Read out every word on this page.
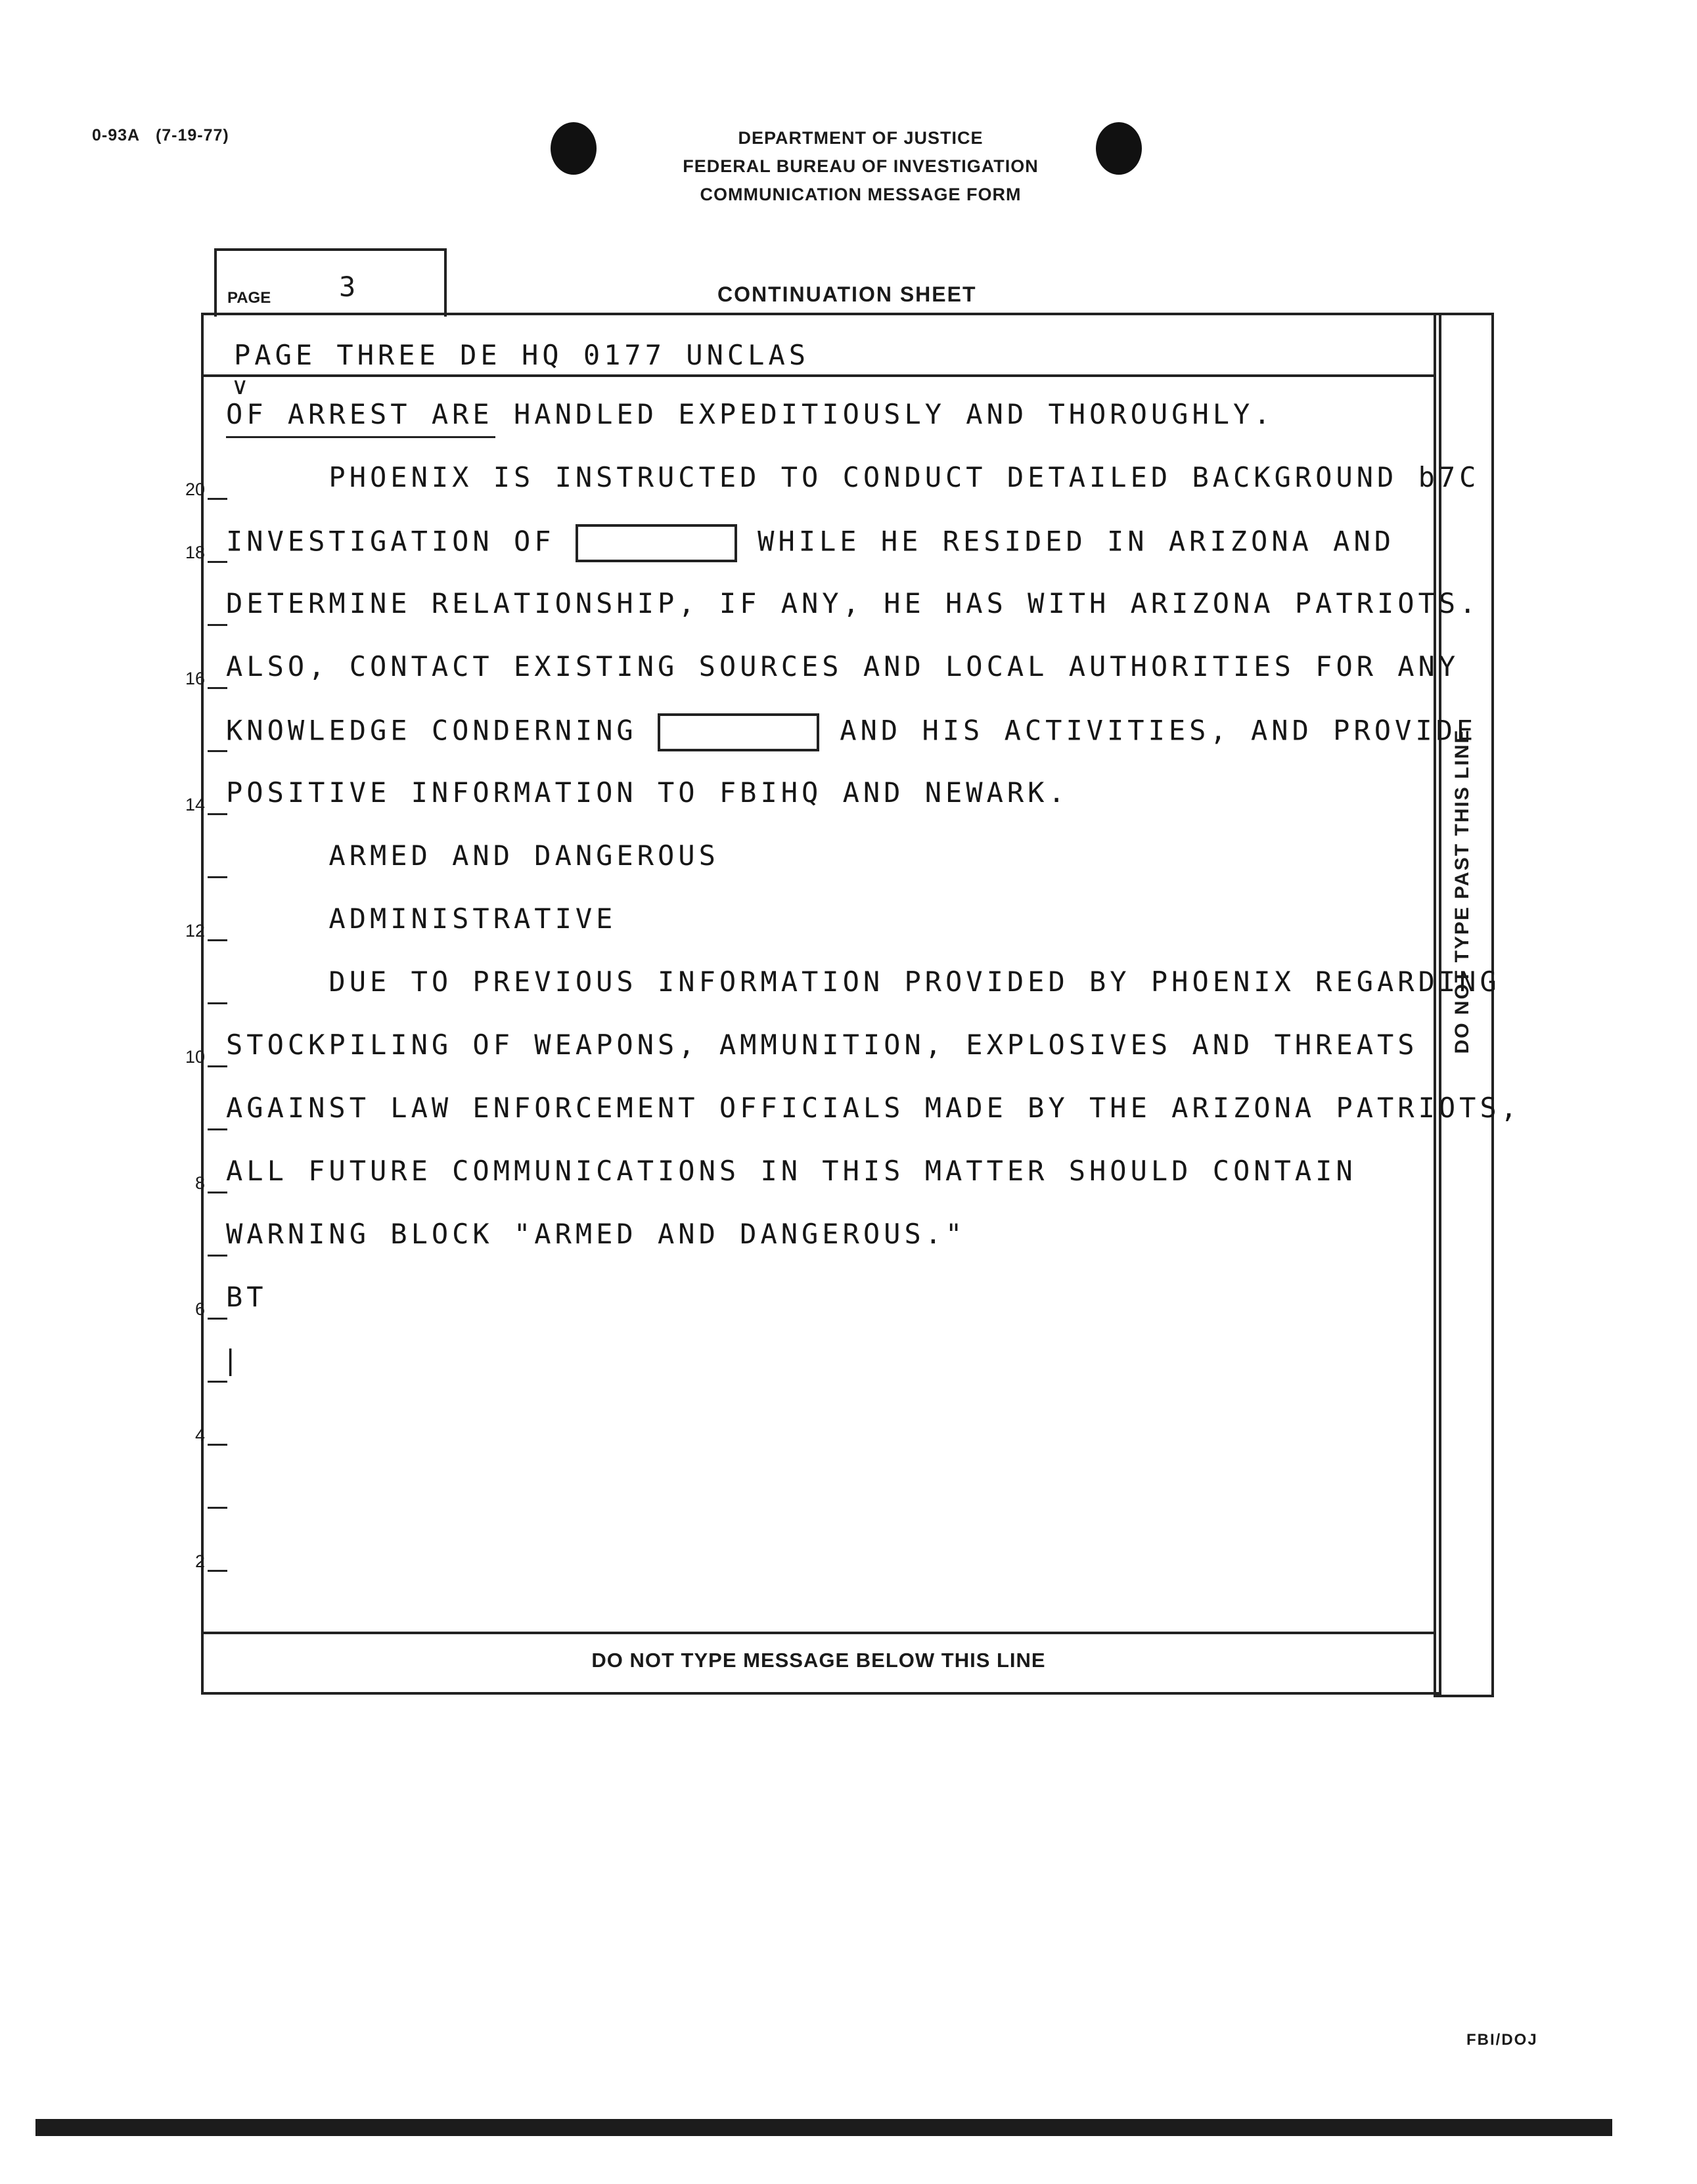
0-93A (7-19-77)	DEPARTMENT OF JUSTICE
FEDERAL BUREAU OF INVESTIGATION
COMMUNICATION MESSAGE FORM
PAGE 3	CONTINUATION SHEET
PAGE THREE DE HQ 0177 UNCLAS
∨
OF ARREST ARE HANDLED EXPEDITIOUSLY AND THOROUGHLY.
PHOENIX IS INSTRUCTED TO CONDUCT DETAILED BACKGROUND b7C
INVESTIGATION OF	WHILE HE RESIDED IN ARIZONA AND
DETERMINE RELATIONSHIP, IF ANY, HE HAS WITH ARIZONA PATRIOTS.
ALSO, CONTACT EXISTING SOURCES AND LOCAL AUTHORITIES FOR ANY
KNOWLEDGE CONDERNING	AND HIS ACTIVITIES, AND PROVIDE
POSITIVE INFORMATION TO FBIHQ AND NEWARK.
ARMED AND DANGEROUS
ADMINISTRATIVE
DUE TO PREVIOUS INFORMATION PROVIDED BY PHOENIX REGARDING
STOCKPILING OF WEAPONS, AMMUNITION, EXPLOSIVES AND THREATS
AGAINST LAW ENFORCEMENT OFFICIALS MADE BY THE ARIZONA PATRIOTS,
ALL FUTURE COMMUNICATIONS IN THIS MATTER SHOULD CONTAIN
WARNING BLOCK "ARMED AND DANGEROUS."
BT
|
20
18
16
14
12
10
8
6
4
2
DO NOT TYPE PAST THIS LINE
DO NOT TYPE MESSAGE BELOW THIS LINE
FBI/DOJ
